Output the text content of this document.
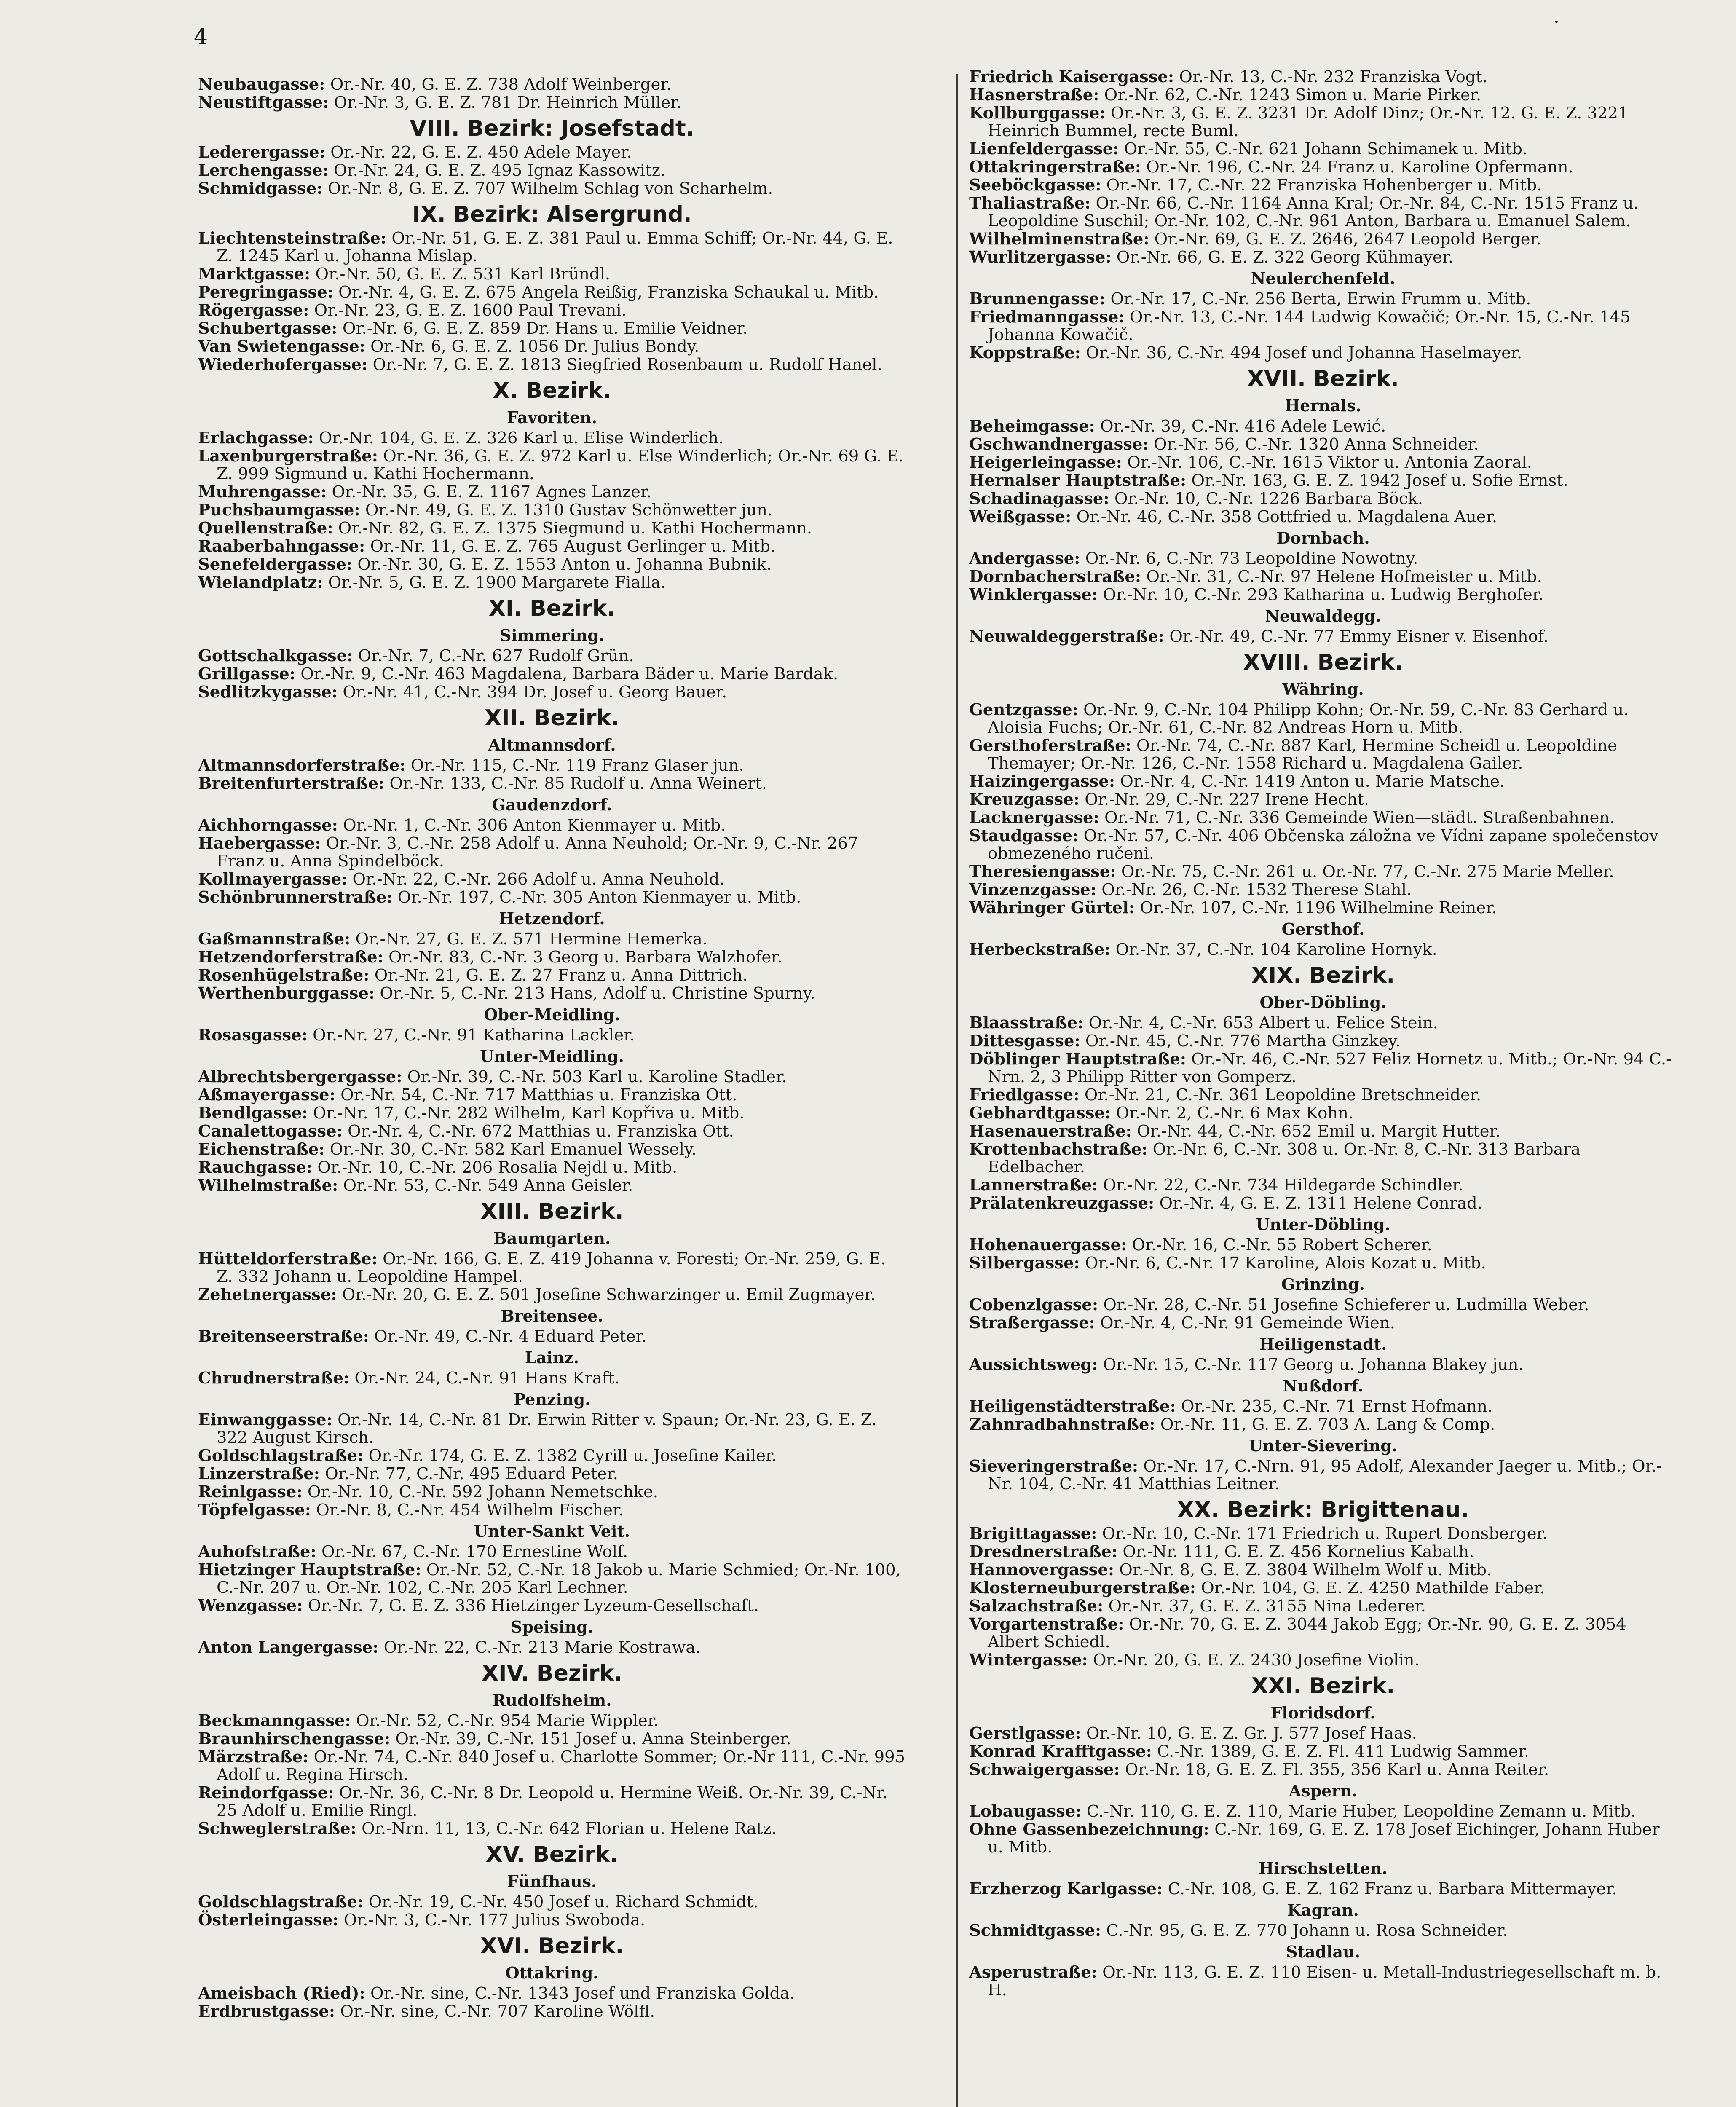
4
•
Neubaugasse: Or.-Nr. 40, G. E. Z. 738 Adolf Weinberger.
Neustiftgasse: Or.-Nr. 3, G. E. Z. 781 Dr. Heinrich Müller.
VIII. Bezirk: Josefstadt.
Lederergasse: Or.-Nr. 22, G. E. Z. 450 Adele Mayer.
Lerchengasse: Or.-Nr. 24, G. E. Z. 495 Ignaz Kassowitz.
Schmidgasse: Or.-Nr. 8, G. E. Z. 707 Wilhelm Schlag von Scharhelm.
IX. Bezirk: Alsergrund.
Liechtensteinstraße: Or.-Nr. 51, G. E. Z. 381 Paul u. Emma Schiff; Or.-Nr. 44, G. E. Z. 1245 Karl u. Johanna Mislap.
Marktgasse: Or.-Nr. 50, G. E. Z. 531 Karl Bründl.
Peregringasse: Or.-Nr. 4, G. E. Z. 675 Angela Reißig, Franziska Schaukal u. Mitb.
Rögergasse: Or.-Nr. 23, G. E. Z. 1600 Paul Trevani.
Schubertgasse: Or.-Nr. 6, G. E. Z. 859 Dr. Hans u. Emilie Veidner.
Van Swietengasse: Or.-Nr. 6, G. E. Z. 1056 Dr. Julius Bondy.
Wiederhofergasse: Or.-Nr. 7, G. E. Z. 1813 Siegfried Rosenbaum u. Rudolf Hanel.
X. Bezirk.
Favoriten.
Erlachgasse: Or.-Nr. 104, G. E. Z. 326 Karl u. Elise Winderlich.
Laxenburgerstraße: Or.-Nr. 36, G. E. Z. 972 Karl u. Else Winderlich; Or.-Nr. 69 G. E. Z. 999 Sigmund u. Kathi Hochermann.
Muhrengasse: Or.-Nr. 35, G. E. Z. 1167 Agnes Lanzer.
Puchsbaumgasse: Or.-Nr. 49, G. E. Z. 1310 Gustav Schönwetter jun.
Quellenstraße: Or.-Nr. 82, G. E. Z. 1375 Siegmund u. Kathi Hochermann.
Raaberbahngasse: Or.-Nr. 11, G. E. Z. 765 August Gerlinger u. Mitb.
Senefeldergasse: Or.-Nr. 30, G. E. Z. 1553 Anton u. Johanna Bubnik.
Wielandplatz: Or.-Nr. 5, G. E. Z. 1900 Margarete Fialla.
XI. Bezirk.
Simmering.
Gottschalkgasse: Or.-Nr. 7, C.-Nr. 627 Rudolf Grün.
Grillgasse: Or.-Nr. 9, C.-Nr. 463 Magdalena, Barbara Bäder u. Marie Bardak.
Sedlitzkygasse: Or.-Nr. 41, C.-Nr. 394 Dr. Josef u. Georg Bauer.
XII. Bezirk.
Altmannsdorf.
Altmannsdorferstraße: Or.-Nr. 115, C.-Nr. 119 Franz Glaser jun.
Breitenfurterstraße: Or.-Nr. 133, C.-Nr. 85 Rudolf u. Anna Weinert.
Gaudenzdorf.
Aichhorngasse: Or.-Nr. 1, C.-Nr. 306 Anton Kienmayer u. Mitb.
Haebergasse: Or.-Nr. 3, C.-Nr. 258 Adolf u. Anna Neuhold; Or.-Nr. 9, C.-Nr. 267 Franz u. Anna Spindelböck.
Kollmayergasse: Or.-Nr. 22, C.-Nr. 266 Adolf u. Anna Neuhold.
Schönbrunnerstraße: Or.-Nr. 197, C.-Nr. 305 Anton Kienmayer u. Mitb.
Hetzendorf.
Gaßmannstraße: Or.-Nr. 27, G. E. Z. 571 Hermine Hemerka.
Hetzendorferstraße: Or.-Nr. 83, C.-Nr. 3 Georg u. Barbara Walzhofer.
Rosenhügelstraße: Or.-Nr. 21, G. E. Z. 27 Franz u. Anna Dittrich.
Werthenburggasse: Or.-Nr. 5, C.-Nr. 213 Hans, Adolf u. Christine Spurny.
Ober-Meidling.
Rosasgasse: Or.-Nr. 27, C.-Nr. 91 Katharina Lackler.
Unter-Meidling.
Albrechtsbergergasse: Or.-Nr. 39, C.-Nr. 503 Karl u. Karoline Stadler.
Aßmayergasse: Or.-Nr. 54, C.-Nr. 717 Matthias u. Franziska Ott.
Bendlgasse: Or.-Nr. 17, C.-Nr. 282 Wilhelm, Karl Kopřiva u. Mitb.
Canalettogasse: Or.-Nr. 4, C.-Nr. 672 Matthias u. Franziska Ott.
Eichenstraße: Or.-Nr. 30, C.-Nr. 582 Karl Emanuel Wessely.
Rauchgasse: Or.-Nr. 10, C.-Nr. 206 Rosalia Nejdl u. Mitb.
Wilhelmstraße: Or.-Nr. 53, C.-Nr. 549 Anna Geisler.
XIII. Bezirk.
Baumgarten.
Hütteldorferstraße: Or.-Nr. 166, G. E. Z. 419 Johanna v. Foresti; Or.-Nr. 259, G. E. Z. 332 Johann u. Leopoldine Hampel.
Zehetnergasse: Or.-Nr. 20, G. E. Z. 501 Josefine Schwarzinger u. Emil Zugmayer.
Breitensee.
Breitenseerstraße: Or.-Nr. 49, C.-Nr. 4 Eduard Peter.
Lainz.
Chrudnerstraße: Or.-Nr. 24, C.-Nr. 91 Hans Kraft.
Penzing.
Einwanggasse: Or.-Nr. 14, C.-Nr. 81 Dr. Erwin Ritter v. Spaun; Or.-Nr. 23, G. E. Z. 322 August Kirsch.
Goldschlagstraße: Or.-Nr. 174, G. E. Z. 1382 Cyrill u. Josefine Kailer.
Linzerstraße: Or.-Nr. 77, C.-Nr. 495 Eduard Peter.
Reinlgasse: Or.-Nr. 10, C.-Nr. 592 Johann Nemetschke.
Töpfelgasse: Or.-Nr. 8, C.-Nr. 454 Wilhelm Fischer.
Unter-Sankt Veit.
Auhofstraße: Or.-Nr. 67, C.-Nr. 170 Ernestine Wolf.
Hietzinger Hauptstraße: Or.-Nr. 52, C.-Nr. 18 Jakob u. Marie Schmied; Or.-Nr. 100, C.-Nr. 207 u. Or.-Nr. 102, C.-Nr. 205 Karl Lechner.
Wenzgasse: Or.-Nr. 7, G. E. Z. 336 Hietzinger Lyzeum-Gesellschaft.
Speising.
Anton Langergasse: Or.-Nr. 22, C.-Nr. 213 Marie Kostrawa.
XIV. Bezirk.
Rudolfsheim.
Beckmanngasse: Or.-Nr. 52, C.-Nr. 954 Marie Wippler.
Braunhirschengasse: Or.-Nr. 39, C.-Nr. 151 Josef u. Anna Steinberger.
Märzstraße: Or.-Nr. 74, C.-Nr. 840 Josef u. Charlotte Sommer; Or.-Nr 111, C.-Nr. 995 Adolf u. Regina Hirsch.
Reindorfgasse: Or.-Nr. 36, C.-Nr. 8 Dr. Leopold u. Hermine Weiß. Or.-Nr. 39, C.-Nr. 25 Adolf u. Emilie Ringl.
Schweglerstraße: Or.-Nrn. 11, 13, C.-Nr. 642 Florian u. Helene Ratz.
XV. Bezirk.
Fünfhaus.
Goldschlagstraße: Or.-Nr. 19, C.-Nr. 450 Josef u. Richard Schmidt.
Österleingasse: Or.-Nr. 3, C.-Nr. 177 Julius Swoboda.
XVI. Bezirk.
Ottakring.
Ameisbach (Ried): Or.-Nr. sine, C.-Nr. 1343 Josef und Franziska Golda.
Erdbrustgasse: Or.-Nr. sine, C.-Nr. 707 Karoline Wölfl.
Friedrich Kaisergasse: Or.-Nr. 13, C.-Nr. 232 Franziska Vogt.
Hasnerstraße: Or.-Nr. 62, C.-Nr. 1243 Simon u. Marie Pirker.
Kollburggasse: Or.-Nr. 3, G. E. Z. 3231 Dr. Adolf Dinz; Or.-Nr. 12. G. E. Z. 3221 Heinrich Bummel, recte Buml.
Lienfeldergasse: Or.-Nr. 55, C.-Nr. 621 Johann Schimanek u. Mitb.
Ottakringerstraße: Or.-Nr. 196, C.-Nr. 24 Franz u. Karoline Opfermann.
Seeböckgasse: Or.-Nr. 17, C.-Nr. 22 Franziska Hohenberger u. Mitb.
Thaliastraße: Or.-Nr. 66, C.-Nr. 1164 Anna Kral; Or.-Nr. 84, C.-Nr. 1515 Franz u. Leopoldine Suschil; Or.-Nr. 102, C.-Nr. 961 Anton, Barbara u. Emanuel Salem.
Wilhelminenstraße: Or.-Nr. 69, G. E. Z. 2646, 2647 Leopold Berger.
Wurlitzergasse: Or.-Nr. 66, G. E. Z. 322 Georg Kühmayer.
Neulerchenfeld.
Brunnengasse: Or.-Nr. 17, C.-Nr. 256 Berta, Erwin Frumm u. Mitb.
Friedmanngasse: Or.-Nr. 13, C.-Nr. 144 Ludwig Kowačič; Or.-Nr. 15, C.-Nr. 145 Johanna Kowačič.
Koppstraße: Or.-Nr. 36, C.-Nr. 494 Josef und Johanna Haselmayer.
XVII. Bezirk.
Hernals.
Beheimgasse: Or.-Nr. 39, C.-Nr. 416 Adele Lewić.
Gschwandnergasse: Or.-Nr. 56, C.-Nr. 1320 Anna Schneider.
Heigerleingasse: Or.-Nr. 106, C.-Nr. 1615 Viktor u. Antonia Zaoral.
Hernalser Hauptstraße: Or.-Nr. 163, G. E. Z. 1942 Josef u. Sofie Ernst.
Schadinagasse: Or.-Nr. 10, C.-Nr. 1226 Barbara Böck.
Weißgasse: Or.-Nr. 46, C.-Nr. 358 Gottfried u. Magdalena Auer.
Dornbach.
Andergasse: Or.-Nr. 6, C.-Nr. 73 Leopoldine Nowotny.
Dornbacherstraße: Or.-Nr. 31, C.-Nr. 97 Helene Hofmeister u. Mitb.
Winklergasse: Or.-Nr. 10, C.-Nr. 293 Katharina u. Ludwig Berghofer.
Neuwaldegg.
Neuwaldeggerstraße: Or.-Nr. 49, C.-Nr. 77 Emmy Eisner v. Eisenhof.
XVIII. Bezirk.
Währing.
Gentzgasse: Or.-Nr. 9, C.-Nr. 104 Philipp Kohn; Or.-Nr. 59, C.-Nr. 83 Gerhard u. Aloisia Fuchs; Or.-Nr. 61, C.-Nr. 82 Andreas Horn u. Mitb.
Gersthoferstraße: Or.-Nr. 74, C.-Nr. 887 Karl, Hermine Scheidl u. Leopoldine Themayer; Or.-Nr. 126, C.-Nr. 1558 Richard u. Magdalena Gailer.
Haizingergasse: Or.-Nr. 4, C.-Nr. 1419 Anton u. Marie Matsche.
Kreuzgasse: Or.-Nr. 29, C.-Nr. 227 Irene Hecht.
Lacknergasse: Or.-Nr. 71, C.-Nr. 336 Gemeinde Wien—städt. Straßenbahnen.
Staudgasse: Or.-Nr. 57, C.-Nr. 406 Občenska záložna ve Vídni zapane společenstov obmezeného ručeni.
Theresiengasse: Or.-Nr. 75, C.-Nr. 261 u. Or.-Nr. 77, C.-Nr. 275 Marie Meller.
Vinzenzgasse: Or.-Nr. 26, C.-Nr. 1532 Therese Stahl.
Währinger Gürtel: Or.-Nr. 107, C.-Nr. 1196 Wilhelmine Reiner.
Gersthof.
Herbeckstraße: Or.-Nr. 37, C.-Nr. 104 Karoline Hornyk.
XIX. Bezirk.
Ober-Döbling.
Blaasstraße: Or.-Nr. 4, C.-Nr. 653 Albert u. Felice Stein.
Dittesgasse: Or.-Nr. 45, C.-Nr. 776 Martha Ginzkey.
Döblinger Hauptstraße: Or.-Nr. 46, C.-Nr. 527 Feliz Hornetz u. Mitb.; Or.-Nr. 94 C.-Nrn. 2, 3 Philipp Ritter von Gomperz.
Friedlgasse: Or.-Nr. 21, C.-Nr. 361 Leopoldine Bretschneider.
Gebhardtgasse: Or.-Nr. 2, C.-Nr. 6 Max Kohn.
Hasenauerstraße: Or.-Nr. 44, C.-Nr. 652 Emil u. Margit Hutter.
Krottenbachstraße: Or.-Nr. 6, C.-Nr. 308 u. Or.-Nr. 8, C.-Nr. 313 Barbara Edelbacher.
Lannerstraße: Or.-Nr. 22, C.-Nr. 734 Hildegarde Schindler.
Prälatenkreuzgasse: Or.-Nr. 4, G. E. Z. 1311 Helene Conrad.
Unter-Döbling.
Hohenauergasse: Or.-Nr. 16, C.-Nr. 55 Robert Scherer.
Silbergasse: Or.-Nr. 6, C.-Nr. 17 Karoline, Alois Kozat u. Mitb.
Grinzing.
Cobenzlgasse: Or.-Nr. 28, C.-Nr. 51 Josefine Schieferer u. Ludmilla Weber.
Straßergasse: Or.-Nr. 4, C.-Nr. 91 Gemeinde Wien.
Heiligenstadt.
Aussichtsweg: Or.-Nr. 15, C.-Nr. 117 Georg u. Johanna Blakey jun.
Nußdorf.
Heiligenstädterstraße: Or.-Nr. 235, C.-Nr. 71 Ernst Hofmann.
Zahnradbahnstraße: Or.-Nr. 11, G. E. Z. 703 A. Lang & Comp.
Unter-Sievering.
Sieveringerstraße: Or.-Nr. 17, C.-Nrn. 91, 95 Adolf, Alexander Jaeger u. Mitb.; Or.-Nr. 104, C.-Nr. 41 Matthias Leitner.
XX. Bezirk: Brigittenau.
Brigittagasse: Or.-Nr. 10, C.-Nr. 171 Friedrich u. Rupert Donsberger.
Dresdnerstraße: Or.-Nr. 111, G. E. Z. 456 Kornelius Kabath.
Hannovergasse: Or.-Nr. 8, G. E. Z. 3804 Wilhelm Wolf u. Mitb.
Klosterneuburgerstraße: Or.-Nr. 104, G. E. Z. 4250 Mathilde Faber.
Salzachstraße: Or.-Nr. 37, G. E. Z. 3155 Nina Lederer.
Vorgartenstraße: Or.-Nr. 70, G. E. Z. 3044 Jakob Egg; Or.-Nr. 90, G. E. Z. 3054 Albert Schiedl.
Wintergasse: Or.-Nr. 20, G. E. Z. 2430 Josefine Violin.
XXI. Bezirk.
Floridsdorf.
Gerstlgasse: Or.-Nr. 10, G. E. Z. Gr. J. 577 Josef Haas.
Konrad Krafftgasse: C.-Nr. 1389, G. E. Z. Fl. 411 Ludwig Sammer.
Schwaigergasse: Or.-Nr. 18, G. E. Z. Fl. 355, 356 Karl u. Anna Reiter.
Aspern.
Lobaugasse: C.-Nr. 110, G. E. Z. 110, Marie Huber, Leopoldine Zemann u. Mitb.
Ohne Gassenbezeichnung: C.-Nr. 169, G. E. Z. 178 Josef Eichinger, Johann Huber u. Mitb.
Hirschstetten.
Erzherzog Karlgasse: C.-Nr. 108, G. E. Z. 162 Franz u. Barbara Mittermayer.
Kagran.
Schmidtgasse: C.-Nr. 95, G. E. Z. 770 Johann u. Rosa Schneider.
Stadlau.
Asperustraße: Or.-Nr. 113, G. E. Z. 110 Eisen- u. Metall-Industriegesellschaft m. b. H.
